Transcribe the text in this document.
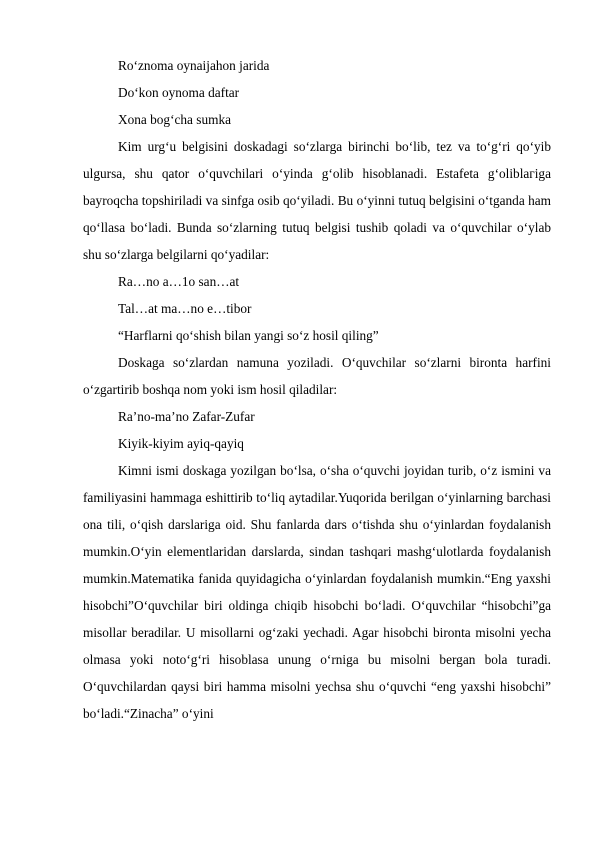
Roʻznoma oynaijahon jarida

Doʻkon oynoma daftar

Xona bogʻcha sumka

Kim urgʻu belgisini doskadagi soʻzlarga birinchi boʻlib, tez va toʻgʻri qoʻyib ulgursa, shu qator oʻquvchilari oʻyinda gʻolib hisoblanadi. Estafeta gʻoliblaгiga bayroqcha topshiriladi va sinfga osib qoʻyiladi. Bu oʻyinni tutuq belgisini oʻtganda ham qoʻllasa boʻladi. Bunda soʻzlarning tutuq belgisi tushib qoladi va oʻquvchilar oʻylab shu soʻzlarga belgilarni qoʻyadilar:

Ra…no a…1o san…at

Tal…at ma…no e…tibor

“Harflarni qoʻshish bilan yangi soʻz hosil qiling”

Doskaga soʻzlardan namuna yoziladi. Oʻquvchilar soʻzlarni bironta harfini oʻzgartirib boshqa nom yoki ism hosil qiladilar:

Ra’no-ma’no Zafar-Zufar

Kiyik-kiyim ayiq-qayiq

Kimni ismi doskaga yozilgan boʻlsa, oʻsha oʻquvchi joyidan turib, oʻz ismini va familiyasini hammaga eshittirib toʻliq aytadilar.Yuqorida berilgan oʻyinlarning barchasi ona tili, oʻqish darslariga oid. Shu fanlarda dars oʻtishda shu oʻyinlardan foydalanish mumkin.Oʻyin elementlaridan darslarda, sindan tashqari mashgʻulotlarda foydalanish mumkin.Matematika fanida quyidagicha oʻyinlardan foydalanish mumkin.“Eng yaxshi hisobchi”Oʻquvchilar biri oldinga chiqib hisobchi boʻladi. Oʻquvchilar “hisobchi”ga misollar beradilar. U misollarni ogʻzaki yechadi. Agar hisobchi bironta misolni yecha olmasa yoki notoʻgʻri hisoblasa unung oʻrniga bu misolni bergan bola turadi. Oʻquvchilardan qaysi biri hamma misolni yechsa shu oʻquvchi “eng yaxshi hisobchi” boʻladi.“Zinacha” oʻyini
